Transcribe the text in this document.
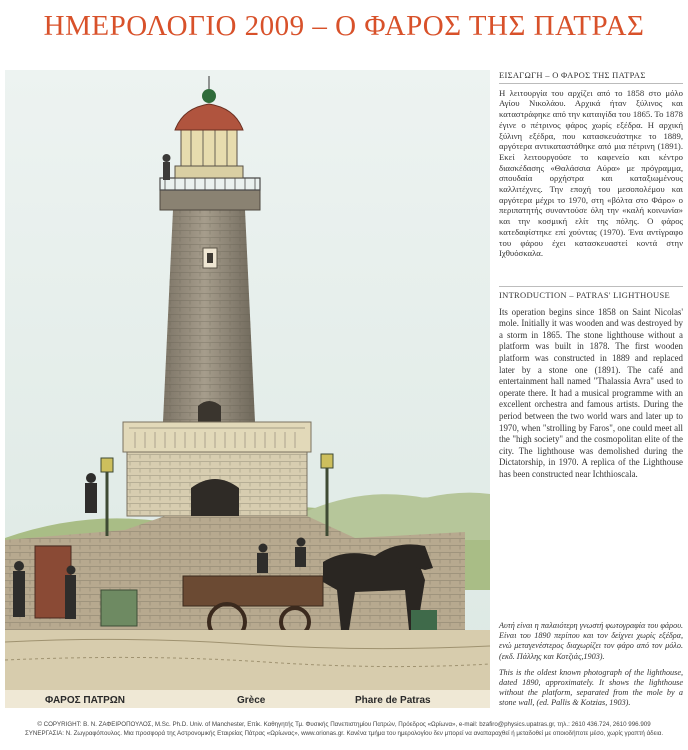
ΗΜΕΡΟΛΟΓΙΟ 2009 – Ο ΦΑΡΟΣ ΤΗΣ ΠΑΤΡΑΣ
ΦΑΡΟΣ ΠΑΤΡΩΝ	Grèce	Phare de Patras
ΕΙΣΑΓΩΓΗ – Ο ΦΑΡΟΣ ΤΗΣ ΠΑΤΡΑΣ
Η λειτουργία του αρχίζει από το 1858 στο μόλο Αγίου Νικολάου. Αρχικά ήταν ξύλινος και καταστράφηκε από την καταιγίδα του 1865. Το 1878 έγινε ο πέτρινος φάρος χωρίς εξέδρα. Η αρχική ξύλινη εξέδρα, που κατασκευάστηκε το 1889, αργότερα αντικαταστάθηκε από μια πέτρινη (1891). Εκεί λειτουργούσε το καφενείο και κέντρο διασκέδασης «Θαλάσσια Αύρα» με πρόγραμμα, σπουδαία ορχήστρα και καταξιωμένους καλλιτέχνες. Την εποχή του μεσοπολέμου και αργότερα μέχρι το 1970, στη «βόλτα στο Φάρο» ο περιπατητής συναντούσε όλη την «καλή κοινωνία» και την κοσμική ελίτ της πόλης. Ο φάρος κατεδαφίστηκε επί χούντας (1970). Ένα αντίγραφο του φάρου έχει κατασκευαστεί κοντά στην Ιχθυόσκαλα.
INTRODUCTION – PATRAS' LIGHTHOUSE
Its operation begins since 1858 on Saint Nicolas' mole. Initially it was wooden and was destroyed by a storm in 1865. The stone lighthouse without a platform was built in 1878. The first wooden platform was constructed in 1889 and replaced later by a stone one (1891). The café and entertainment hall named "Thalassia Avra" used to operate there. It had a musical programme with an excellent orchestra and famous artists. During the period between the two world wars and later up to 1970, when "strolling by Faros", one could meet all the "high society" and the cosmopolitan elite of the city. The lighthouse was demolished during the Dictatorship, in 1970. A replica of the Lighthouse has been constructed near Ichthioscala.

Αυτή είναι η παλαιότερη γνωστή φωτογραφία του φάρου. Είναι του 1890 περίπου και τον δείχνει χωρίς εξέδρα, ενώ μεταγενέστερος διαχωρίζει τον φάρο από τον μόλο. (εκδ. Πάλλης και Κοτζιάς,1903).

This is the oldest known photograph of the lighthouse, dated 1890, approximately. It shows the lighthouse without the platform, separated from the mole by a stone wall, (ed. Pallis & Kotzias, 1903).

© COPYRIGHT: Β. Ν. ΖΑΦΕΙΡΟΠΟΥΛΟΣ, M.Sc. Ph.D. Univ. of Manchester, Επίκ. Καθηγητής Τμ. Φυσικής Πανεπιστημίου Πατρών, Πρόεδρος «Ωρίωνα», e-mail: bzafiro@physics.upatras.gr, τηλ.: 2610 436.724, 2610 996.909
ΣΥΝΕΡΓΑΣΙΑ: Ν. Ζωγραφόπουλος. Μια προσφορά της Αστρονομικής Εταιρείας Πάτρας «Ωρίωνας», www.orionas.gr. Κανένα τμήμα του ημερολογίου δεν μπορεί να αναπαραχθεί ή μεταδοθεί με οποιοδήποτε μέσο, χωρίς γραπτή άδεια.
